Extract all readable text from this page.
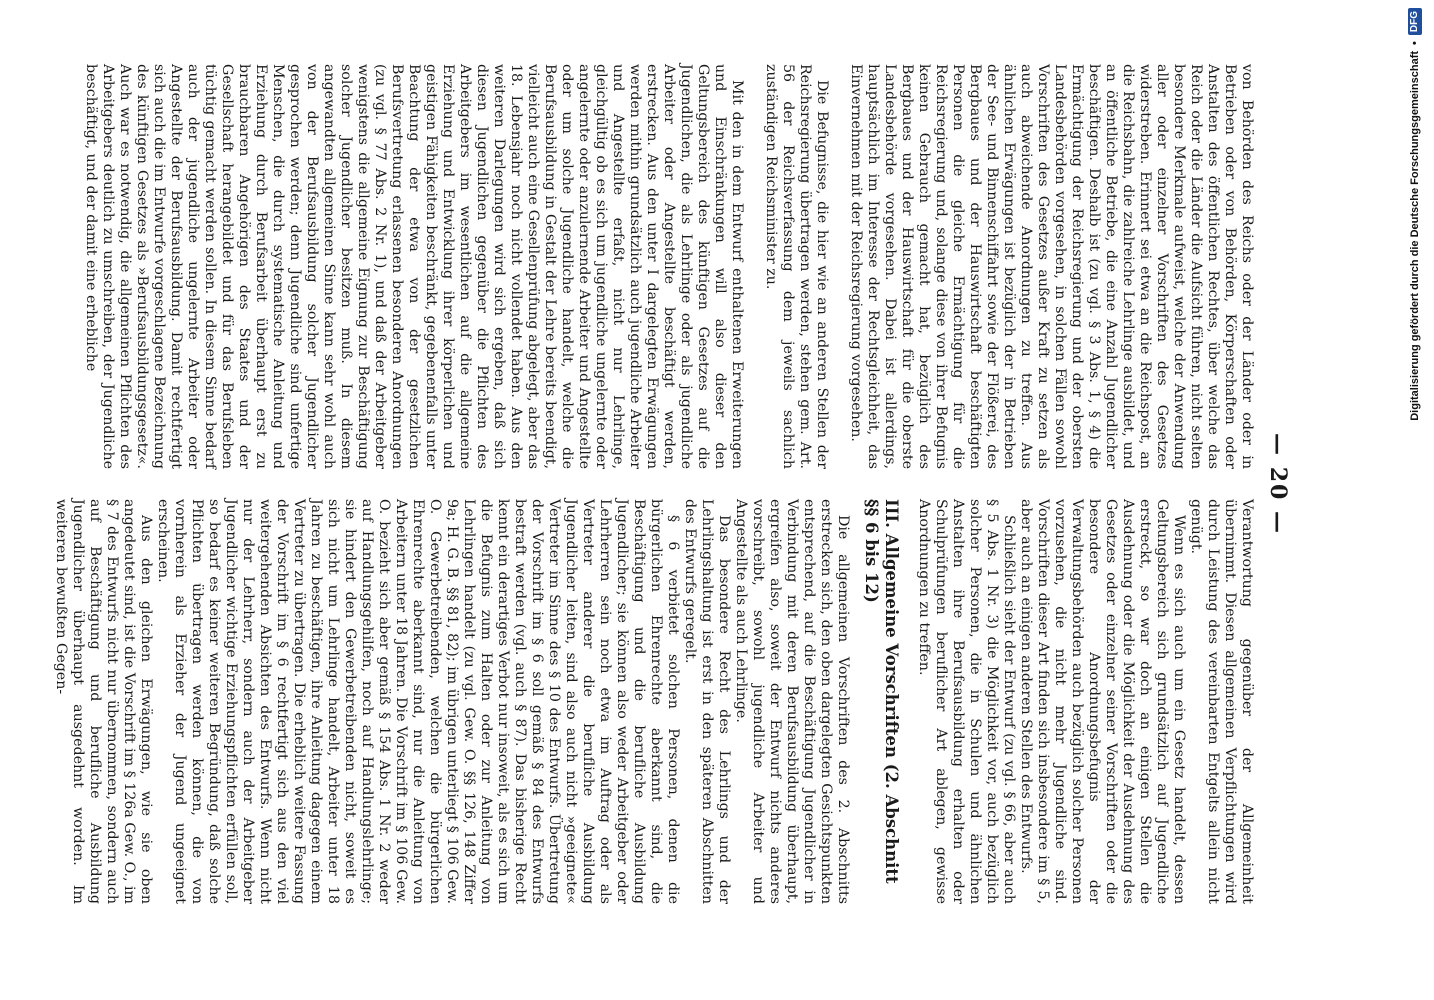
— 20 —

von Behörden des Reichs oder der Länder oder in Betrieben oder von Behörden, Körperschaften oder Anstalten des öffentlichen Rechtes, über welche das Reich oder die Länder die Aufsicht führen, nicht selten besondere Merkmale aufweist, welche der Anwendung aller oder einzelner Vorschriften des Gesetzes widerstreben. Erinnert sei etwa an die Reichspost, an die Reichsbahn, die zahlreiche Lehrlinge ausbildet, und an öffentliche Betriebe, die eine Anzahl Jugendlicher beschäftigen. Deshalb ist (zu vgl. § 3 Abs. 1, § 4) die Ermächtigung der Reichsregierung und der obersten Landesbehörden vorgesehen, in solchen Fällen sowohl Vorschriften des Gesetzes außer Kraft zu setzen als auch abweichende Anordnungen zu treffen. Aus ähnlichen Erwägungen ist bezüglich der in Betrieben der See- und Binnenschiffahrt sowie der Flößerei, des Bergbaues und der Hauswirtschaft beschäftigten Personen die gleiche Ermächtigung für die Reichsregierung und, solange diese von ihrer Befugnis keinen Gebrauch gemacht hat, bezüglich des Bergbaues und der Hauswirtschaft für die oberste Landesbehörde vorgesehen. Dabei ist allerdings, hauptsächlich im Interesse der Rechtsgleichheit, das Einvernehmen mit der Reichsregierung vorgesehen.

Die Befugnisse, die hier wie an anderen Stellen der Reichsregierung übertragen werden, stehen gem. Art. 56 der Reichsverfassung dem jeweils sachlich zuständigen Reichsminister zu.

Mit den in dem Entwurf enthaltenen Erweiterungen und Einschränkungen will also dieser den Geltungsbereich des künftigen Gesetzes auf die Jugendlichen, die als Lehrlinge oder als jugendliche Arbeiter oder Angestellte beschäftigt werden, erstrecken. Aus den unter I dargelegten Erwägungen werden mithin grundsätzlich auch jugendliche Arbeiter und Angestellte erfaßt, nicht nur Lehrlinge, gleichgültig ob es sich um jugendliche ungelernte oder angelernte oder anzulernende Arbeiter und Angestellte oder um solche Jugendliche handelt, welche die Berufsausbildung in Gestalt der Lehre bereits beendigt, vielleicht auch eine Gesellenprüfung abgelegt, aber das 18. Lebensjahr noch nicht vollendet haben. Aus den weiteren Darlegungen wird sich ergeben, daß sich diesen Jugendlichen gegenüber die Pflichten des Arbeitgebers im wesentlichen auf die allgemeine Erziehung und Entwicklung ihrer körperlichen und geistigen Fähigkeiten beschränkt, gegebenenfalls unter Beachtung der etwa von der gesetzlichen Berufsvertretung erlassenen besonderen Anordnungen (zu vgl. § 77 Abs. 2 Nr. 1), und daß der Arbeitgeber wenigstens die allgemeine Eignung zur Beschäftigung solcher Jugendlicher besitzen muß. In diesem angewandten allgemeinen Sinne kann sehr wohl auch von der Berufsausbildung solcher Jugendlicher gesprochen werden; denn Jugendliche sind unfertige Menschen, die durch systematische Anleitung und Erziehung durch Berufsarbeit überhaupt erst zu brauchbaren Angehörigen des Staates und der Gesellschaft herangebildet und für das Berufsleben tüchtig gemacht werden sollen. In diesem Sinne bedarf auch der jugendliche ungelernte Arbeiter oder Angestellte der Berufsausbildung. Damit rechtfertigt sich auch die im Entwurfe vorgeschlagene Bezeichnung des künftigen Gesetzes als »Berufsausbildungsgesetz«. Auch war es notwendig, die allgemeinen Pflichten des Arbeitgebers deutlich zu umschreiben, der Jugendliche beschäftigt, und der damit eine erhebliche

Verantwortung gegenüber der Allgemeinheit übernimmt. Diesen allgemeinen Verpflichtungen wird durch Leistung des vereinbarten Entgelts allein nicht genügt.

Wenn es sich auch um ein Gesetz handelt, dessen Geltungsbereich sich grundsätzlich auf Jugendliche erstreckt, so war doch an einigen Stellen die Ausdehnung oder die Möglichkeit der Ausdehnung des Gesetzes oder einzelner seiner Vorschriften oder die besondere Anordnungsbefugnis der Verwaltungsbehörden auch bezüglich solcher Personen vorzusehen, die nicht mehr Jugendliche sind. Vorschriften dieser Art finden sich insbesondere im § 5, aber auch an einigen anderen Stellen des Entwurfs.

Schließlich sieht der Entwurf (zu vgl. § 66, aber auch § 5 Abs. 1 Nr. 3) die Möglichkeit vor, auch bezüglich solcher Personen, die in Schulen und ähnlichen Anstalten ihre Berufsausbildung erhalten oder Schulprüfungen beruflicher Art ablegen, gewisse Anordnungen zu treffen.

III. Allgemeine Vorschriften (2. Abschnitt §§ 6 bis 12)

Die allgemeinen Vorschriften des 2. Abschnitts erstrecken sich, den oben dargelegten Gesichtspunkten entsprechend, auf die Beschäftigung Jugendlicher in Verbindung mit deren Berufsausbildung überhaupt, ergreifen also, soweit der Entwurf nichts anderes vorschreibt, sowohl jugendliche Arbeiter und Angestellte als auch Lehrlinge.

Das besondere Recht des Lehrlings und der Lehrlingshaltung ist erst in den späteren Abschnitten des Entwurfs geregelt.

§ 6 verbietet solchen Personen, denen die bürgerlichen Ehrenrechte aberkannt sind, die Beschäftigung und die berufliche Ausbildung Jugendlicher; sie können also weder Arbeitgeber oder Lehrherren sein noch etwa im Auftrag oder als Vertreter anderer die berufliche Ausbildung Jugendlicher leiten, sind also auch nicht »geeignete« Vertreter im Sinne des § 10 des Entwurfs. Übertretung der Vorschrift im § 6 soll gemäß § 84 des Entwurfs bestraft werden (vgl. auch § 87). Das bisherige Recht kennt ein derartiges Verbot nur insoweit, als es sich um die Befugnis zum Halten oder zur Anleitung von Lehrlingen handelt (zu vgl. Gew. O. §§ 126, 148 Ziffer 9a; H. G. B. §§ 81, 82); im übrigen unterliegt § 106 Gew. O. Gewerbetreibenden, welchen die bürgerlichen Ehrenrechte aberkannt sind, nur die Anleitung von Arbeitern unter 18 Jahren. Die Vorschrift im § 106 Gew. O. bezieht sich aber gemäß § 154 Abs. 1 Nr. 2 weder auf Handlungsgehilfen, noch auf Handlungslehrlinge; sie hindert den Gewerbetreibenden nicht, soweit es sich nicht um Lehrlinge handelt, Arbeiter unter 18 Jahren zu beschäftigen, ihre Anleitung dagegen einem Vertreter zu übertragen. Die erheblich weitere Fassung der Vorschrift im § 6 rechtfertigt sich aus den viel weitergehenden Absichten des Entwurfs. Wenn nicht nur der Lehrherr, sondern auch der Arbeitgeber Jugendlicher wichtige Erziehungspflichten erfüllen soll, so bedarf es keiner weiteren Begründung, daß solche Pflichten übertragen werden können, die von vornherein als Erzieher der Jugend ungeeignet erscheinen.

Aus den gleichen Erwägungen, wie sie oben angedeutet sind, ist die Vorschrift im § 126a Gew. O., im § 7 des Entwurfs nicht nur übernommen, sondern auch auf Beschäftigung und berufliche Ausbildung Jugendlicher überhaupt ausgedehnt worden. Im weiteren bewußten Gegen-

Digitalisierung gefördert durch die Deutsche Forschungsgemeinschaft
•
DFG
